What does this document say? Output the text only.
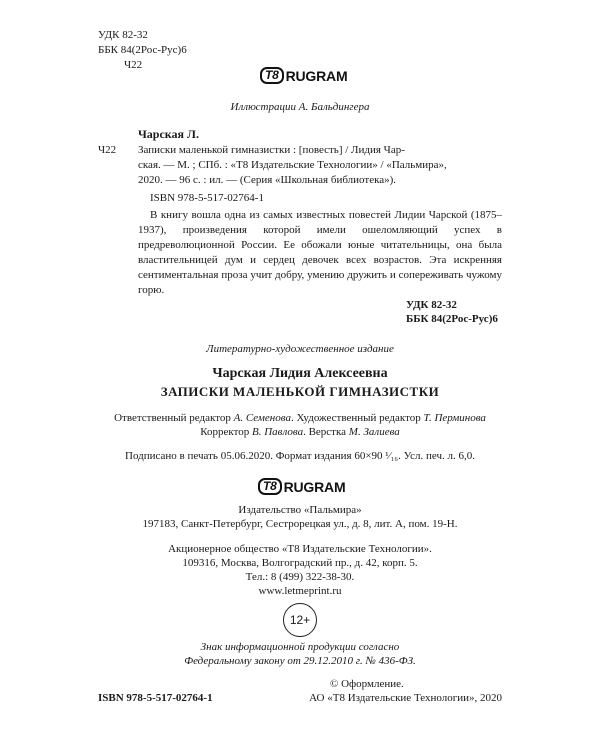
УДК 82-32
ББК 84(2Рос-Рус)6
Ч22
T8 RUGRAM
Иллюстрации А. Бальдингера
Чарская Л.
Ч22 Записки маленькой гимназистки : [повесть] / Лидия Чар-
ская. — М. ; СПб. : «Т8 Издательские Технологии» / «Пальмира»,
2020. — 96 с. : ил. — (Серия «Школьная библиотека»).
ISBN 978-5-517-02764-1
В книгу вошла одна из самых известных повестей Лидии Чарской (1875–1937), произведения которой имели ошеломляющий успех в предреволюционной России. Ее обожали юные читательницы, она была властительницей дум и сердец девочек всех возрастов. Эта искренняя сентиментальная проза учит добру, умению дружить и сопереживать чужому горю.
УДК 82-32
ББК 84(2Рос-Рус)6
Литературно-художественное издание
Чарская Лидия Алексеевна
ЗАПИСКИ МАЛЕНЬКОЙ ГИМНАЗИСТКИ
Ответственный редактор А. Семенова. Художественный редактор Т. Перминова
Корректор В. Павлова. Верстка М. Залиева
Подписано в печать 05.06.2020. Формат издания 60×90 ¹⁄₁₆. Усл. печ. л. 6,0.
T8 RUGRAM
Издательство «Пальмира»
197183, Санкт-Петербург, Сестрорецкая ул., д. 8, лит. А, пом. 19-Н.
Акционерное общество «Т8 Издательские Технологии».
109316, Москва, Волгоградский пр., д. 42, корп. 5.
Тел.: 8 (499) 322-38-30.
www.letmeprint.ru
12+
Знак информационной продукции согласно
Федеральному закону от 29.12.2010 г. № 436-ФЗ.
© Оформление.
ISBN 978-5-517-02764-1	АО «Т8 Издательские Технологии», 2020
